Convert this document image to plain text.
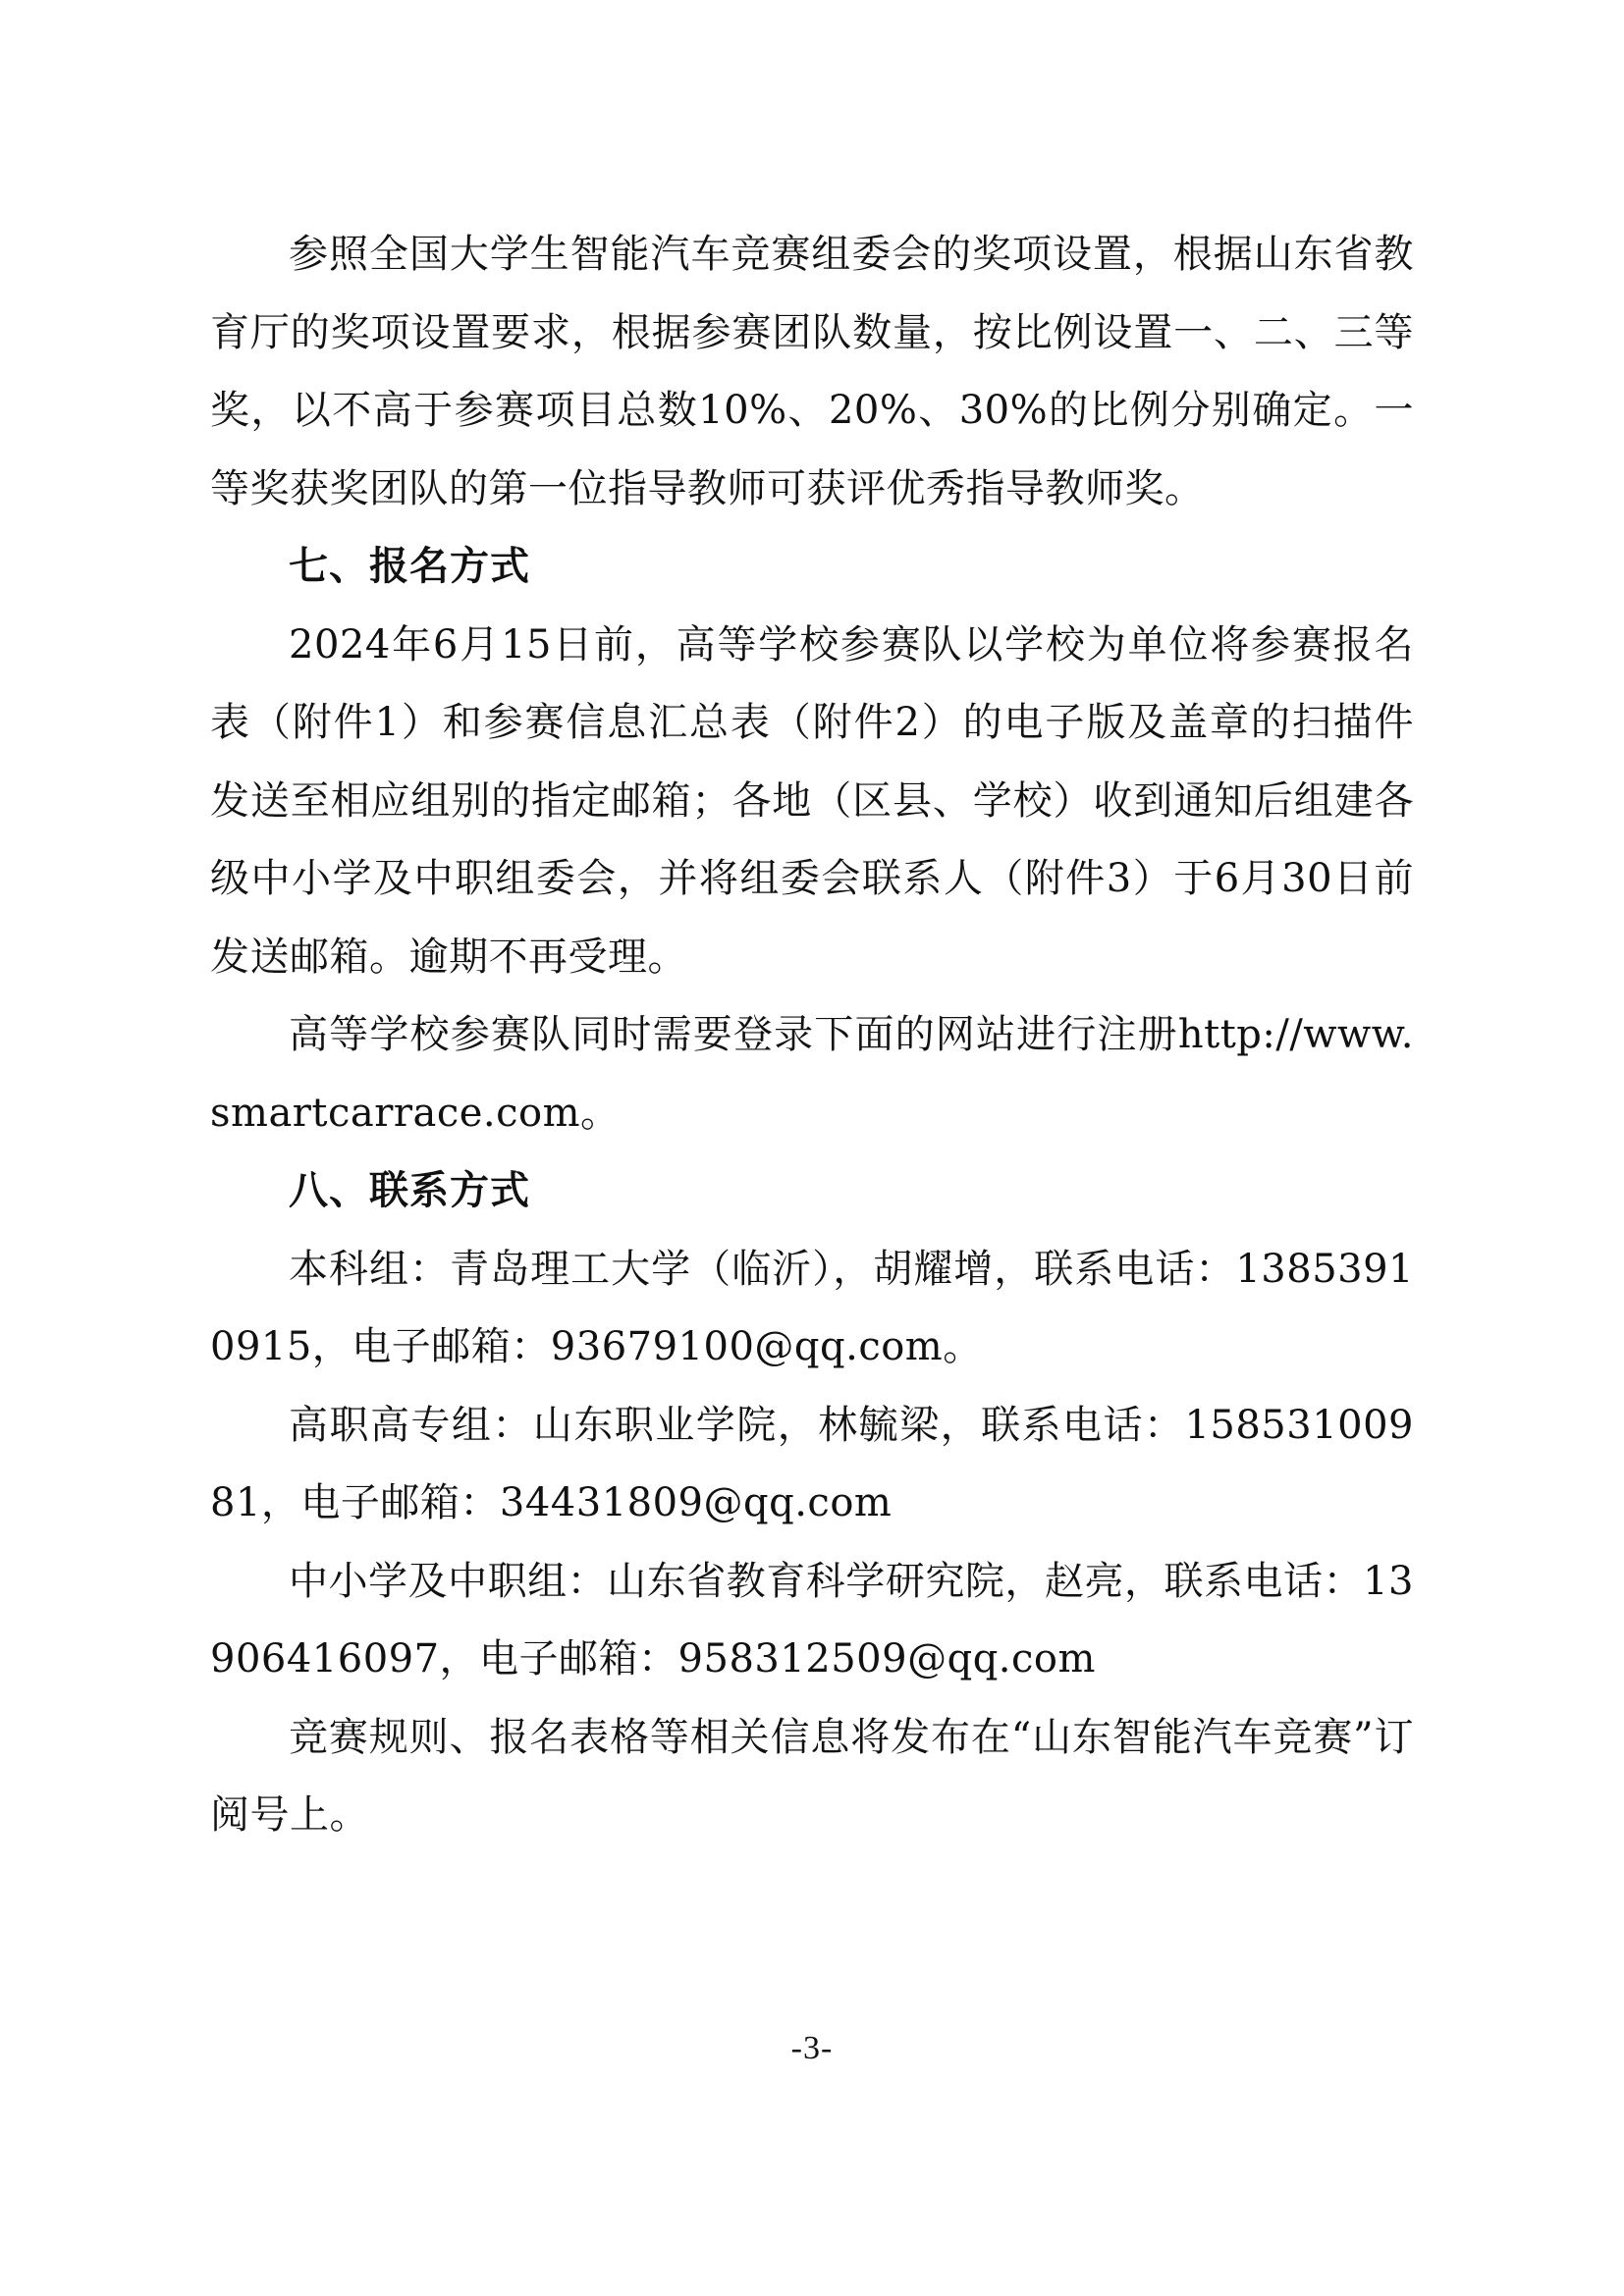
参照全国大学生智能汽车竞赛组委会的奖项设置，根据山东省教育厅的奖项设置要求，根据参赛团队数量，按比例设置一、二、三等奖，以不高于参赛项目总数10%、20%、30%的比例分别确定。一等奖获奖团队的第一位指导教师可获评优秀指导教师奖。

七、报名方式

2024年6月15日前，高等学校参赛队以学校为单位将参赛报名表（附件1）和参赛信息汇总表（附件2）的电子版及盖章的扫描件发送至相应组别的指定邮箱；各地（区县、学校）收到通知后组建各级中小学及中职组委会，并将组委会联系人（附件3）于6月30日前发送邮箱。逾期不再受理。

高等学校参赛队同时需要登录下面的网站进行注册http://www.smartcarrace.com。

八、联系方式

本科组：青岛理工大学（临沂），胡耀增，联系电话：13853910915，电子邮箱：93679100@qq.com。

高职高专组：山东职业学院，林毓梁，联系电话：15853100981，电子邮箱：34431809@qq.com

中小学及中职组：山东省教育科学研究院，赵亮，联系电话：13906416097，电子邮箱：958312509@qq.com

竞赛规则、报名表格等相关信息将发布在“山东智能汽车竞赛”订阅号上。

-3-
